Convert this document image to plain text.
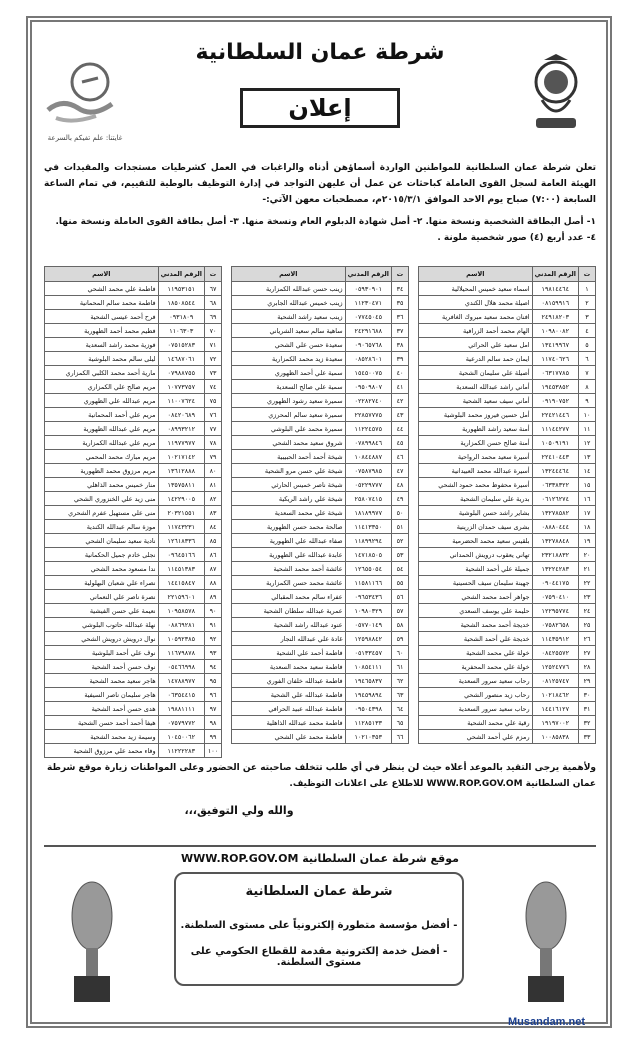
غايتنا: علم تفيكم بالسرعة
شرطة عمان السلطانية
إعلان
تعلن شرطة عمان السلطانية للمواطنين الواردة أسماؤهن أدناه والراغبات في العمل كشرطيات مستجدات والمقيدات في الهيئة العامة لسجل القوى العاملة كباحثات عن عمل أن عليهن التواجد في إدارة التوظيف بالوطية للتقييم، في تمام الساعة السابعة (٧:٠٠) صباح يوم الاحد الموافق ٢٠١٥/٣/١م، مصطحبات معهن الآتي:-
١- أصل البطاقة الشخصية ونسخة منها. ٢- أصل شهادة الدبلوم العام ونسخة منها. ٣- أصل بطاقة القوى العاملة ونسخة منها.
٤- عدد أربع (٤) صور شخصية ملونة .
ت	الرقم المدني	الاسم
١	١٩٨١٤٤٦٤	اسماء سعيد خميس المحيلالية
٢	٠٨١٥٩٩١٦	اصيلة محمد هلال الكندي
٣	٢٤٩١٨٢٠٣	افنان محمد سعيد مبروك الغافرية
٤	١٠٩٨٠٠٨٢	الهام محمد أحمد الزرافية
٥	١٣٤١٩٩٦٧	امل سعيد علي الحراثي
٦	١١٧٤٠٦٢٦	ايمان حمد سالم الدرعية
٧	٠٦٣١٧٧٨٥	أصيلة علي سليمان الشحية
٨	١٩٤٥٣٨٥٢	أماني راشد عبدالله السعدية
٩	٠٩١٩٠٧٥٢	أماني سيف سعيد الشحية
١٠	٢٢٤٢١٤٤٦	أمل حسين فيروز محمد البلوشية
١١	١١١٤٤٢٧٧	أمنة سعيد راشد الظهورية
١٢	١٠٥٠٩١٩١	أمنة صالح حسن الكمزارية
١٣	٢٢٤١٠٤٤٣	أسيرة سعيد محمد الرواحية
١٤	١٣٢٤٤٤٦٤	أسيرة عبدالله محمد العبيدانية
١٥	٠٦٣٣٨٣٢٢	أسيرة محفوظ محمد حمود الشحي
١٦	٠٦١٢٦٢٧٤	بدرية علي سليمان الشحية
١٧	١٣٢٧٨٥٨٢	بشاير راشد حسن البلوشية
١٨	٠٨٨٨٠٤٤٤	بشرى سيف حمدان الزرينية
١٩	١٣٢٧٨٨٤٨	بلقيس سعيد محمد الحضرمية
٢٠	٢٣٢١٨٨٣٢	تهاني يعقوب درويش الحمداني
٢١	١٣٢٢٤٢٨٣	جميلة علي أحمد الشحية
٢٢	٠٩٠٤٤١٧٥	جهينة سليمان سيف الحسينية
٢٣	٠٧٥٩٠٤١٠	جواهر أحمد محمد الشحي
٢٤	١٢٢٩٥٧٧٤	حليمة علي يوسف السعدي
٢٥	٠٧٥٨٢٦٥٨	خديجة أحمد محمد الشحية
٢٦	١١٤٣٥٩١٢	خديجة علي أحمد الشحية
٢٧	٠٨٤٢٥٥٧٢	خولة علي محمد الشحية
٢٨	١٢٥٢٤٧٧٦	خولة علي محمد المحفرية
٢٩	٠٨١٢٥٧٤٧	رحاب سعيد سرور السعدية
٣٠	١٠٢١٨٤٦٢	رحاب زيد منصور الشحي
٣١	١٤٤١٦١٢٧	رحاب سعيد سرور السعدية
٣٢	١٩١٩٧٠٠٢	رقية علي محمد الشحية
٣٣	١٠٠٨٥٨٣٨	رمزم علي أحمد الشحي
ت	الرقم المدني	الاسم
٣٤	٠٥٩٣٠٩٠١	زينب حسن عبدالله الكمزارية
٣٥	١١٢٣٠٤٧١	زينب خميس عبدالله الجابري
٣٦	٠٧٧٤٥٠٤٥	زينب سعيد راشد الشحية
٣٧	٢٤٢٩١٦٨٨	ساهية سالم سعيد الشرياني
٣٨	٠٩٠٦٥٧٦٨	سعيدة حسن علي الشحي
٣٩	٠٨٥٢٨٦٠١	سعيدة زيد محمد الكمزارية
٤٠	١٥٤٥٠٠٧٥	سمية علي أحمد الظهوري
٤١	٠٩٥٠٩٨٠٧	سمية علي صالح السعدية
٤٢	٠٢٢٨٢٧٤٠	سميرة سعيد رشود الظهوري
٤٣	٢٢٨٥٧٧٧٥	سميرة سعيد سالم المحرزي
٤٤	١١٢٢٤٥٧٥	سميرة محمد علي البلوشي
٤٥	٠٧٨٩٩٨٤٦	شروق سعيد محمد الشحي
٤٦	١٠٨٤٤٨٨٧	شيخة أحمد أحمد الحبيبية
٤٧	٠٧٥٨٧٩٨٥	شيخة علي حسن مرو الشحية
٤٨	٠٥٢٢٩٧٧٧	شيخة ناصر خميس الحارثي
٤٩	٢٥٨٠٧٤١٥	شيخة علي راشد الريكية
٥٠	١٨١٨٩٩٧٧	شيخة علي محمد السعدية
٥١	١١٤١٣٣٥٠	صالحة محمد حسن الظهورية
٥٢	١١٨٩٩٢٩٤	صفاء عبدالله علي الظهورية
٥٣	١٤٧١٨٥٠٥	عابدة عبدالله علي الظهورية
٥٤	١٢٦٥٥٠٥٤	عائشة أحمد محمد الشحية
٥٥	١١٥٨١١٦٦	عائشة محمد حسن الكمزارية
٥٦	٠٩٦٥٣٤٣٦	عفراء سالم محمد المقبالي
٥٧	١٠٩٨٠٣٢٩	عمرية عبدالله سلطان الشحية
٥٨	٠٥٧٧٠١٤٩	عنود عبدالله راشد الشحية
٥٩	١٢٥٩٨٨٤٢	غادة علي عبدالله النجار
٦٠	٠٥١٣٣٤٥٧	فاطمة أحمد علي الشحية
٦١	١٠٨٥٤١١١	فاطمة سعيد محمد السعدية
٦٢	١٩٤٦٥٨٣٧	فاطمة عبدالله خلفان الفوري
٦٣	١٩٤٥٩٨٩٤	فاطمة عبدالله علي الشحية
٦٤	٠٩٥٠٤٣٩٨	فاطمة عبدالله عبيد الحرافي
٦٥	١١٢٨٥١٣٣	فاطمة محمد عبدالله الذاهلية
٦٦	١٠٢١٠٣٥٣	فاطمة محمد علي الشحي
ت	الرقم المدني	الاسم
٦٧	١١٩٥٣١٥١	فاطمة علي محمد الشحي
٦٨	١٨٥٠٨٥٤٤	فاطمة محمد سالم المحمانية
٦٩	٠٩٣١٨٠٩	فرح أحمد عيسى الشحية
٧٠	١١٠٦٣٠٣	فطيم محمد أحمد الظهورية
٧١	٠٧٥١٥٢٨٣	فوزية محمد راشد السعدية
٧٢	١٤٦٨٧٠٦١	ليلى سالم محمد البلوشية
٧٣	٠٧٩٨٨٧٥٥	مارية أحمد محمد الكلبي الكمزاري
٧٤	١٠٧٧٣٧٥٧	مريم صالح علي الكمزاري
٧٥	١١٠٠٧٦٢٤	مريم عبدالله علي الظهوري
٧٦	٠٨٤٢٠٦٨٩	مريم علي أحمد المحمانية
٧٧	٠٨٩٩٣٢١٢	مريم علي عبدالله الظهورية
٧٨	١١٩٧٧٩٧٧	مريم علي عبدالله الكمزارية
٧٩	١٠٢١٧١٤٢	مريم مبارك محمد المحمي
٨٠	١٣٦١٢٨٨٨	مريم مرزوق محمد الظهورية
٨١	١٣٥٧٥٨١١	منار خميس محمد الذاهلي
٨٢	١٤٢٢٩٠٠٥	منى زيد علي الخنزوري الشحي
٨٣	٢٠٣٢١٥٥١	منى علي مستهيل عفرم الشحري
٨٤	١١٧٤٣٢٣١	موزة سالم عبدالله الكندية
٨٥	١٢٦١٨٣٣٦	نادية سعيد سليمان الشحي
٨٦	٠٩٦٤٥١٦٦	نجلى خادم جميل الحكمانية
٨٧	١١٤٥١٣٨٣	ندا مسعود محمد الشحي
٨٨	١٤٤١٥٨٤٧	نصراء علي شعبان البهلولية
٨٩	٢٢١٥٩٦٠١	نصرة ناصر علي النعماني
٩٠	١٠٩٥٨٥٧٨	نعيمة علي حسن الفيشية
٩١	٠٨٨٦٩٢٨١	نهلة عبدالله حاتوب البلوشي
٩٢	١٠٥٩٢٣٨٥	نوال درويش درويش الشحي
٩٣	١١٦٧٩٨٧٨	نوف علي أحمد البلوشية
٩٤	٠٥٤٦٦٩٩٨	نوف حسن أحمد الشحية
٩٥	١٤٧٨٨٩٧٧	هاجر سعيد محمد الشحية
٩٦	٠٦٣٥٤٤١٥	هاجر سليمان ناصر السيفية
٩٧	١٩٨٨١١١١	هدى حسن أحمد الشحية
٩٨	٠٧٥٧٩٧٧٢	هيفا أحمد أحمد حسن الشحية
٩٩	١٠٤٥٠٠٦٢	وسيمة زيد محمد الشحية
١٠٠	١١٢٢٢٢٨٣	وفاء محمد علي مرزوق الشحية
ولأهمية يرجى التقيد بالموعد أعلاه حيث لن ينظر في أي طلب تتخلف صاحبته عن الحضور وعلى المواطنات زيارة موقع شرطة عمان السلطانية WWW.ROP.GOV.OM للاطلاع على اعلانات التوظيف.
والله ولي التوفيق،،،
موقع شرطة عمان السلطانية WWW.ROP.GOV.OM
شرطة عمان السلطانية
- أفضل مؤسسة متطورة إلكترونياً على مستوى السلطنة.
- أفضل خدمة إلكترونية مقدمة للقطاع الحكومي على مستوى السلطنة.
Musandam.net
